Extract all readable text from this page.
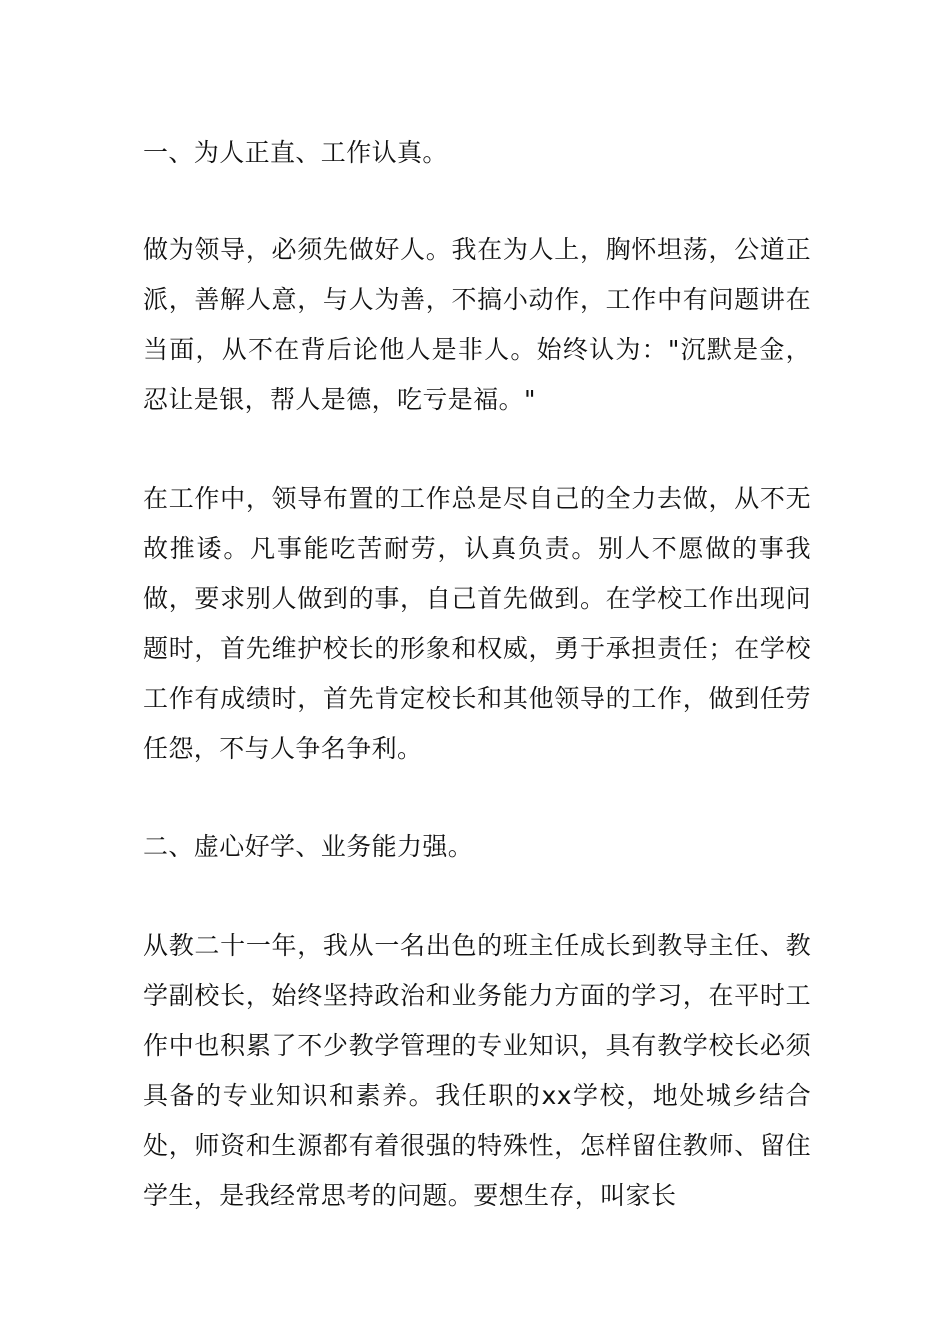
一、为人正直、工作认真。
做为领导，必须先做好人。我在为人上，胸怀坦荡，公道正派，善解人意，与人为善，不搞小动作，工作中有问题讲在当面，从不在背后论他人是非人。始终认为："沉默是金，忍让是银，帮人是德，吃亏是福。"
在工作中，领导布置的工作总是尽自己的全力去做，从不无故推诿。凡事能吃苦耐劳，认真负责。别人不愿做的事我做，要求别人做到的事，自己首先做到。在学校工作出现问题时，首先维护校长的形象和权威，勇于承担责任；在学校工作有成绩时，首先肯定校长和其他领导的工作，做到任劳任怨，不与人争名争利。
二、虚心好学、业务能力强。
从教二十一年，我从一名出色的班主任成长到教导主任、教学副校长，始终坚持政治和业务能力方面的学习，在平时工作中也积累了不少教学管理的专业知识，具有教学校长必须具备的专业知识和素养。我任职的xx学校，地处城乡结合处，师资和生源都有着很强的特殊性，怎样留住教师、留住学生，是我经常思考的问题。要想生存，叫家长
